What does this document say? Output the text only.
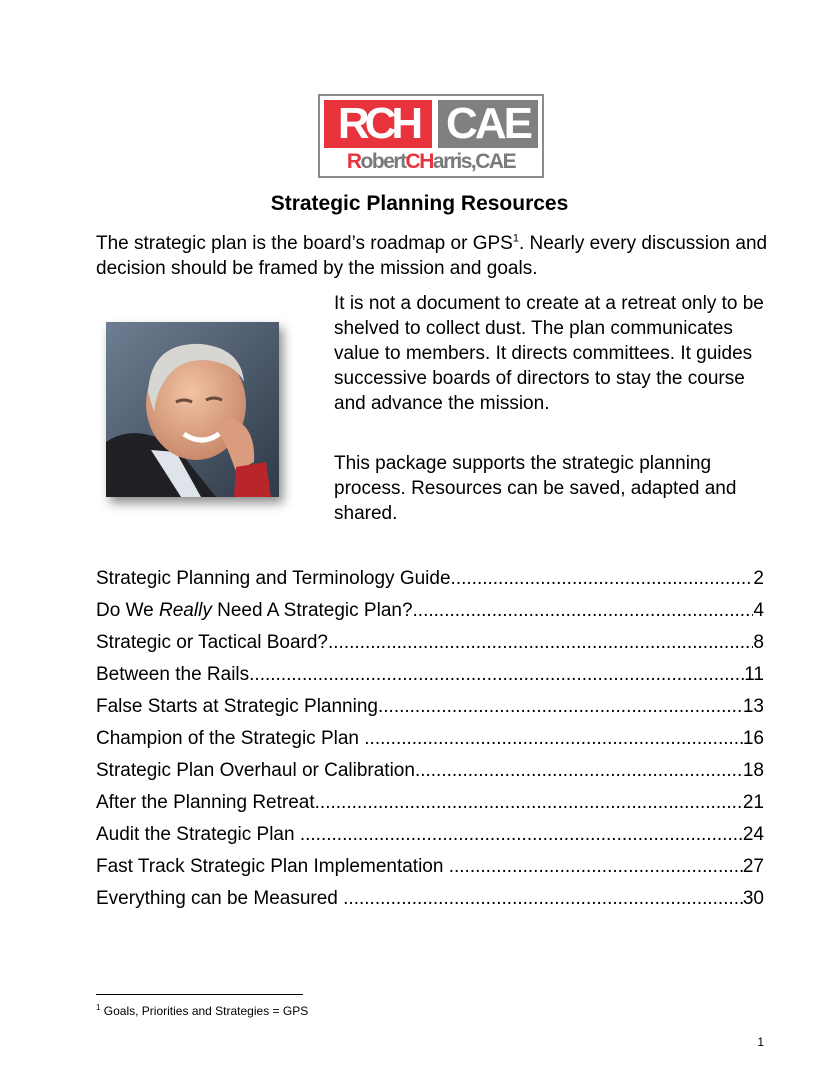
RCH CAE
RobertCHarris,CAE
Strategic Planning Resources

The strategic plan is the board’s roadmap or GPS$^1$. Nearly every discussion and decision should be framed by the mission and goals.

It is not a document to create at a retreat only to be shelved to collect dust. The plan communicates value to members. It directs committees. It guides successive boards of directors to stay the course and advance the mission.

This package supports the strategic planning process. Resources can be saved, adapted and shared.

Strategic Planning and Terminology Guide .....	2
Do We Really Need A Strategic Plan? .....	4
Strategic or Tactical Board? .....	8
Between the Rails .....	11
False Starts at Strategic Planning .....	13
Champion of the Strategic Plan .....	16
Strategic Plan Overhaul or Calibration .....	18
After the Planning Retreat .....	21
Audit the Strategic Plan .....	24
Fast Track Strategic Plan Implementation .....	27
Everything can be Measured .....	30
$^1$ Goals, Priorities and Strategies = GPS
1
